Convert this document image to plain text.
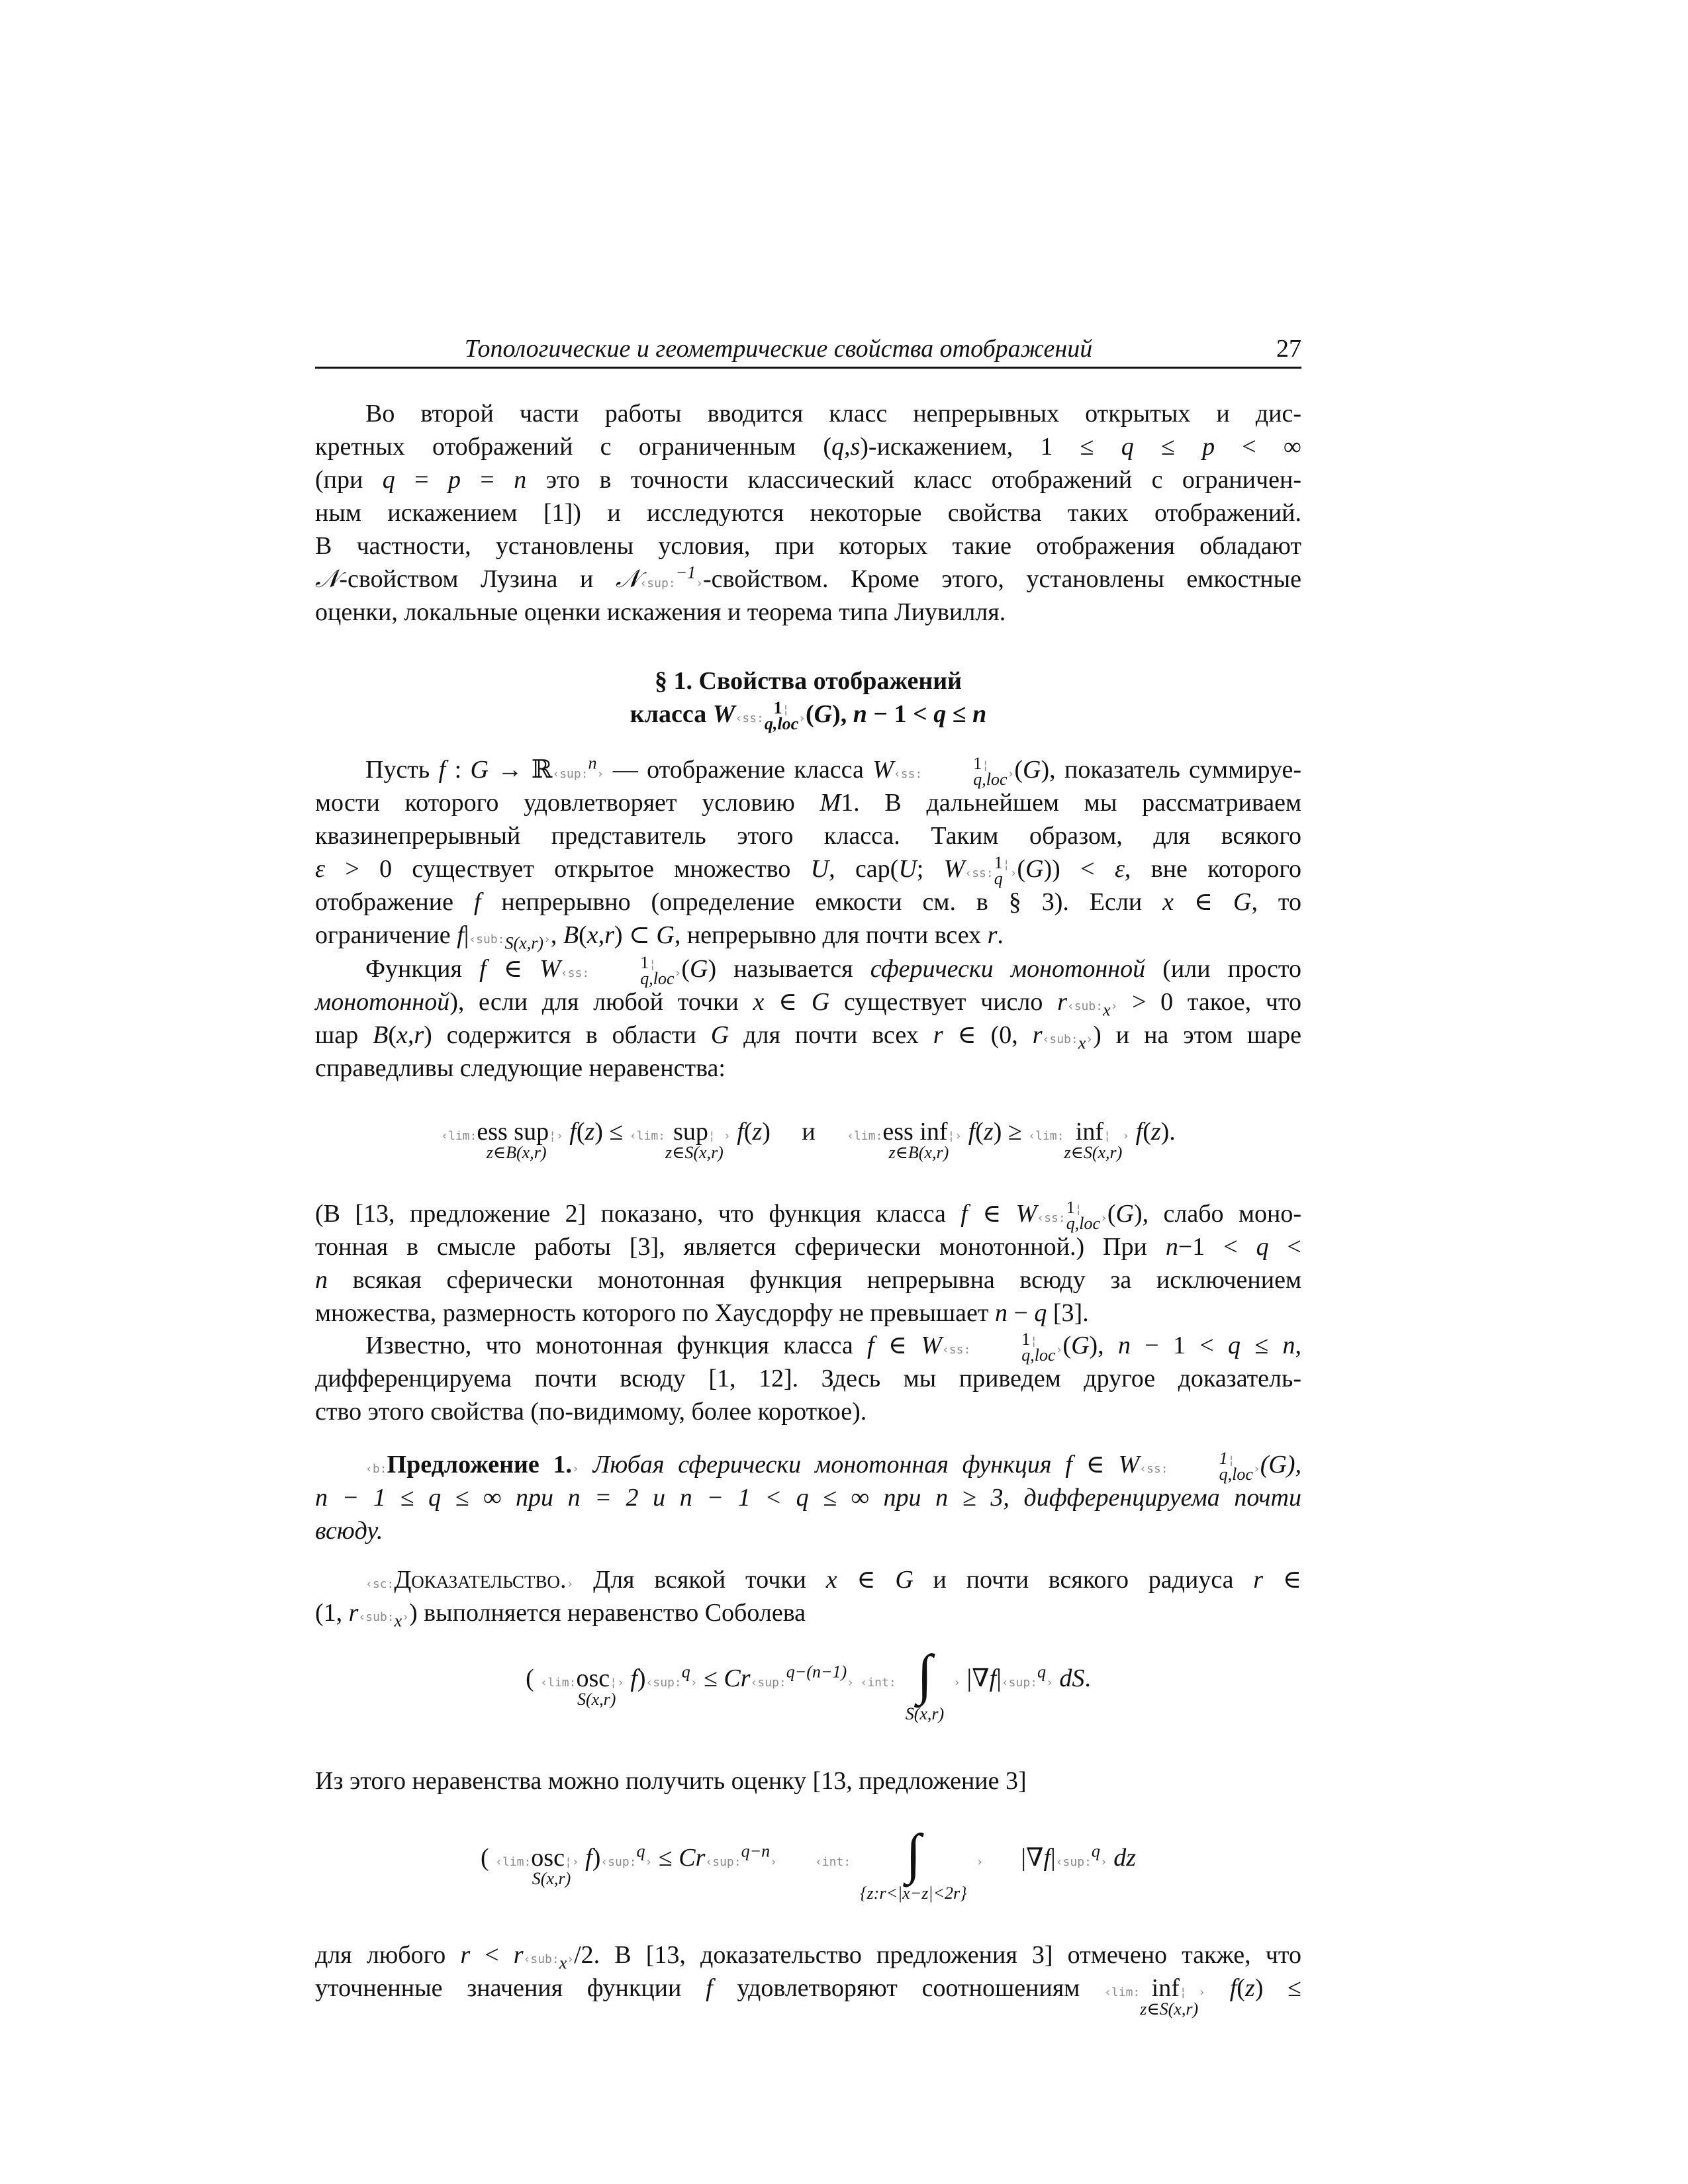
Топологические и геометрические свойства отображений	27
Во второй части работы вводится класс непрерывных открытых и дис-
кретных отображений с ограниченным (q,s)-искажением, 1 ≤ q ≤ p < ∞
(при q = p = n это в точности классический класс отображений с ограничен-
ным искажением [1]) и исследуются некоторые свойства таких отображений.
В частности, установлены условия, при которых такие отображения обладают
𝒩-свойством Лузина и 𝒩‹sup:$^{-1}$›-свойством. Кроме этого, установлены емкостные
оценки, локальные оценки искажения и теорема типа Лиувилля.
§ 1. Свойства отображений
класса W‹ss:
1¦
q,loc ›(G), n − 1 < q ≤ n
Пусть f : G → ℝ‹sup:$^n$› — отображение класса W‹ss:
1¦
q,loc ›(G), показатель суммируе-
мости которого удовлетворяет условию M1. В дальнейшем мы рассматриваем
квазинепрерывный представитель этого класса. Таким образом, для всякого
ε > 0 существует открытое множество U, cap(U; W‹ss:
1¦
q ›(G)) < ε, вне которого
отображение f непрерывно (определение емкости см. в § 3). Если x ∈ G, то
ограничение $f|‹sub:_{S(x,r)}›$, B(x,r) ⊂ G, непрерывно для почти всех r.
Функция f ∈ W‹ss:
1¦
q,loc ›(G) называется сферически монотонной (или просто
монотонной), если для любой точки x ∈ G существует число $r‹sub:_x› > 0$ такое, что
шар B(x,r) содержится в области G для почти всех r ∈ (0, $r‹sub:_x›$) и на этом шаре
справедливы следующие неравенства:
‹lim: ess sup¦
z∈B(x,r)
› f(z) ≤ ‹lim: sup¦
z∈S(x,r)
› f(z)     и     ‹lim: ess inf¦
z∈B(x,r)
› f(z) ≥ ‹lim: inf¦
z∈S(x,r)
› f(z).
(В [13, предложение 2] показано, что функция класса f ∈ W‹ss:
1¦
q,loc ›(G), слабо моно-
тонная в смысле работы [3], является сферически монотонной.) При n−1 < q <
n всякая сферически монотонная функция непрерывна всюду за исключением
множества, размерность которого по Хаусдорфу не превышает n − q [3].
Известно, что монотонная функция класса f ∈ W‹ss:
1¦
q,loc ›(G), n − 1 < q ≤ n,
дифференцируема почти всюду [1, 12]. Здесь мы приведем другое доказатель-
ство этого свойства (по-видимому, более короткое).
‹b:Предложение 1.› Любая сферически монотонная функция f ∈ W‹ss:
1¦
q,loc ›(G),
n − 1 ≤ q ≤ ∞ при n = 2 и n − 1 < q ≤ ∞ при n ≥ 3, дифференцируема почти
всюду.
‹sc:Доказательство.› Для всякой точки x ∈ G и почти всякого радиуса r ∈
(1, $r‹sub:_x›$) выполняется неравенство Соболева
( ‹lim: osc¦
S(x,r)
› f)‹sup:$^q$› ≤ Cr‹sup:$^{q-(n-1)}$› ‹int: ∫
S(x,r)
› |∇f|‹sup:$^q$› dS.
Из этого неравенства можно получить оценку [13, предложение 3]
( ‹lim: osc¦
S(x,r)
› f)‹sup:$^q$› ≤ Cr‹sup:$^{q-n}$›	‹int: ∫
{z:r<|x−z|<2r}
›      |∇f|‹sup:$^q$› dz
для любого $r < r‹sub:_x›/2$. В [13, доказательство предложения 3] отмечено также, что
уточненные значения функции f удовлетворяют соотношениям ‹lim: inf¦
z∈S(x,r)
› f(z) ≤
